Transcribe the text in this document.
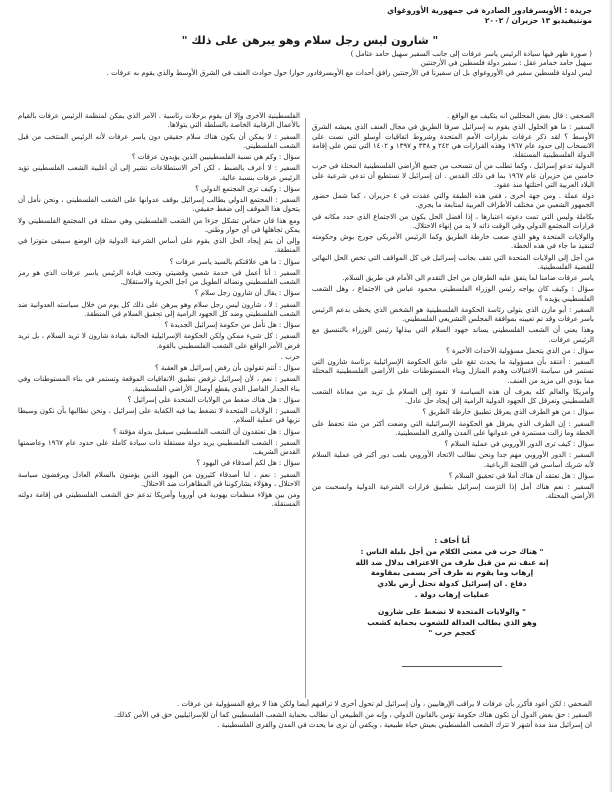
جريدة : الأوبسرفادور الصادرة في جمهورية الأوروغواي
مونتيفيديو ١٣ حزيران / ٢٠٠٢
" شارون ليس رجل سلام وهو يبرهن على ذلك "

( صورة ظهر فيها سيادة الرئيس ياسر عرفات إلى جانب السفير سهيل حامد عثامل )

سهيل حامد خمامر عقل : سفير دولة فلسطين في الأرجنتين

ليس لدولة فلسطين سفير في الأوروغواي بل ان سفيرنا في الأرجنتين رافق أحداث مع الأوبسرفادور حوارا حول حوادث العنف في الشرق الأوسط والذي يقوم به عرفات .

الصحفي : قال بعض المحللين انه يتكيف مع الواقع .

السفير : ما هو الحلول الذي يقوم به إسرائيل صرفا الطريق في مجال العنف الذي يعيشه الشرق الأوسط ؟ لقد ذكر عرفات بقرارات الأمم المتحدة وشروط اتفاقيات أوسلو التي نصت على الانسحاب إلى حدود عام ١٩٦٧ وهذه القرارات هي ٢٤٢ و ٣٣٨ و ١٣٩٧ و ١٤٠٢ التي تنص على إقامة الدولة الفلسطينية المستقلة.

الدولية تدعو إسرائيل ، وكما تطلب من أن تنسحب من جميع الأراضي الفلسطينية المحتلة في حرب خامس من حزيران عام ١٩٦٧ بما في ذلك القدس . ان إسرائيل لا تستطيع أن تدعي شرعية على البلاد العربية التي احتلتها منذ عقود.

دولة عملة . ومن جهة أخرى ، ففي هذه الطبقة والتي عقدت في ٤ حزيران ، كما شمل حضور الجمهور الشعبي من مختلف الأطراف العربية لمتابعة ما يجري.

بكاملة وليس التي تمت دعوته اعتبارها ، إذا أفضل الحل يكون من الاجتماع الذي حدد مكانه في قرارات المجتمع الدولي وفي الوقت ذاته لا بد من إنهاء الاحتلال.

والولايات المتحدة وهو الذي صعب خارطة الطريق وكما الرئيس الأمريكي جورج بوش وحكومته لتنفيذ ما جاء في هذه الخطة.

من أجل إلى الولايات المتحدة التي تقف بجانب إسرائيل في كل المواقف التي تخص الحل النهائي للقضية الفلسطينية.

ياسر عرفات ضامنا لما يتفق عليه الطرفان من اجل التقدم الى الأمام في طريق السلام.

سؤال : وكيف كان يواجه رئيس الوزراء الفلسطيني محمود عباس في الاجتماع ، وهل الشعب الفلسطيني يؤيده ؟

السفير : أبو مازن الذي يتولى رئاسة الحكومة الفلسطينية هو الشخص الذي يحظى بدعم الرئيس ياسر عرفات وقد تم تعيينه بموافقة المجلس التشريعي الفلسطيني.

وهذا يعني أن الشعب الفلسطيني يساند جهود السلام التي يبذلها رئيس الوزراء بالتنسيق مع الرئيس عرفات.

سؤال : من الذي يتحمل مسؤولية الأحداث الأخيرة ؟

السفير : أعتقد بأن مسؤولية ما يحدث تقع على عاتق الحكومة الإسرائيلية برئاسة شارون التي تستمر في سياسة الاغتيالات وهدم المنازل وبناء المستوطنات على الأراضي الفلسطينية المحتلة مما يؤدي الى مزيد من العنف.

وأمريكا والعالم كله يعرف أن هذه السياسة لا تقود إلى السلام بل تزيد من معاناة الشعب الفلسطيني وتعرقل كل الجهود الدولية الرامية إلى إيجاد حل عادل.

سؤال : من هو الطرف الذي يعرقل تطبيق خارطة الطريق ؟

السفير : إن الطرف الذي يعرقل هو الحكومة الإسرائيلية التي وضعت أكثر من مئة تحفظ على الخطة وما زالت مستمرة في عدوانها على المدن والقرى الفلسطينية.

سؤال : كيف ترى الدور الأوروبي في عملية السلام ؟

السفير : الدور الأوروبي مهم جدا ونحن نطالب الاتحاد الأوروبي بلعب دور أكبر في عملية السلام لأنه شريك أساسي في اللجنة الرباعية.

سؤال : هل تعتقد أن هناك أملا في تحقيق السلام ؟

السفير : نعم هناك أمل إذا التزمت إسرائيل بتطبيق قرارات الشرعية الدولية وانسحبت من الأراضي المحتلة.

الفلسطينية الأخرى وإلا أن يقوم برحلات رئاسية . الأمر الذي يمكن لمنظمة الرئيس عرفات بالقيام بالأعمال الرقابية الخاصة بالسلطة التي يتولاها.

السفير : لا يمكن أن يكون هناك سلام حقيقي دون ياسر عرفات لأنه الرئيس المنتخب من قبل الشعب الفلسطيني.

سؤال : وكم هي نسبة الفلسطينيين الذين يؤيدون عرفات ؟

السفير : لا أعرف بالضبط ، لكن آخر الاستطلاعات تشير إلى أن أغلبية الشعب الفلسطيني تؤيد الرئيس عرفات بنسبة عالية.

سؤال : وكيف ترى المجتمع الدولي ؟

السفير : المجتمع الدولي يطالب إسرائيل بوقف عدوانها على الشعب الفلسطيني ، ونحن نأمل أن يتحول هذا الموقف إلى ضغط حقيقي.

ومع هذا فان حماس تشكل جزءا من الشعب الفلسطيني وهي ممثلة في المجتمع الفلسطيني ولا يمكن تجاهلها في أي حوار وطني.

وإلى أن يتم إيجاد الحل الذي يقوم على أساس الشرعية الدولية فإن الوضع سيبقى متوترا في المنطقة.

سؤال : ما هي علاقتكم بالسيد ياسر عرفات ؟

السفير : أنا أعمل في خدمة شعبي وقضيتي وتحت قيادة الرئيس ياسر عرفات الذي هو رمز الشعب الفلسطيني ونضاله الطويل من اجل الحرية والاستقلال.

سؤال : يقال أن شارون رجل سلام ؟

السفير : لا ، شارون ليس رجل سلام وهو يبرهن على ذلك كل يوم من خلال سياسته العدوانية ضد الشعب الفلسطيني وضد كل الجهود الرامية إلى تحقيق السلام في المنطقة.

سؤال : هل تأمل من حكومة إسرائيل الجديدة ؟

السفير : كل شيء ممكن ولكن الحكومة الإسرائيلية الحالية بقيادة شارون لا تريد السلام ، بل تريد فرض الأمر الواقع على الشعب الفلسطيني بالقوة.

حرب .

سؤال : أنتم تقولون بأن رفض إسرائيل هو العقبة ؟

السفير : نعم ، لأن إسرائيل ترفض تطبيق الاتفاقيات الموقعة وتستمر في بناء المستوطنات وفي بناء الجدار الفاصل الذي يقطع أوصال الأراضي الفلسطينية.

سؤال : هل هناك ضغط من الولايات المتحدة على إسرائيل ؟

السفير : الولايات المتحدة لا تضغط بما فيه الكفاية على إسرائيل ، ونحن نطالبها بأن تكون وسيطا نزيها في عملية السلام.

سؤال : هل تعتقدون أن الشعب الفلسطيني سيقبل بدولة مؤقتة ؟

السفير : الشعب الفلسطيني يريد دولة مستقلة ذات سيادة كاملة على حدود عام ١٩٦٧ وعاصمتها القدس الشريف.

سؤال : هل لكم أصدقاء في اليهود ؟

السفير : نعم ، لنا أصدقاء كثيرون من اليهود الذين يؤمنون بالسلام العادل ويرفضون سياسة الاحتلال ، وهؤلاء يشاركوننا في المظاهرات ضد الاحتلال.

ومن بين هؤلاء منظمات يهودية في أوروبا وأمريكا تدعم حق الشعب الفلسطيني في إقامة دولته المستقلة.

أنا أخاف :

" هناك حرب في معنى الكلام من أجل بلبلة الناس :

إنه عنف تم من قبل طرف من الاعتراف بدلال ضد الله

إرهاب وما يقوم به طرف آخر يسمى بمقاومة

دفاع . ان إسرائيل كدولة تحتل أرض بلادي

عمليات إرهاب دولة .

" والولايات المتحدة لا تضغط على شارون

وهو الذي يطالب العدالة للشعوب بحماية كشعب

كحجم حرب "

الصحفي : لكن أعود فأكرر بأن عرفات لا يراقب الإرهابيين ، وأن إسرائيل لم تحول أخرى لا تراقبهم أيضا ولكن هذا لا يرفع المسؤولية عن عرفات .

السفير : حق بعض الدول أن تكون هناك حكومة تؤمن بالقانون الدولي ، وإنه من الطبيعي أن نطالب بحماية الشعب الفلسطيني كما أن للإسرائيليين حق في الأمن كذلك.

ان إسرائيل منذ مدة أشهر لا تترك الشعب الفلسطيني بعيش حياة طبيعية ، ويكفي أن نرى ما يحدث في المدن والقرى الفلسطينية .
